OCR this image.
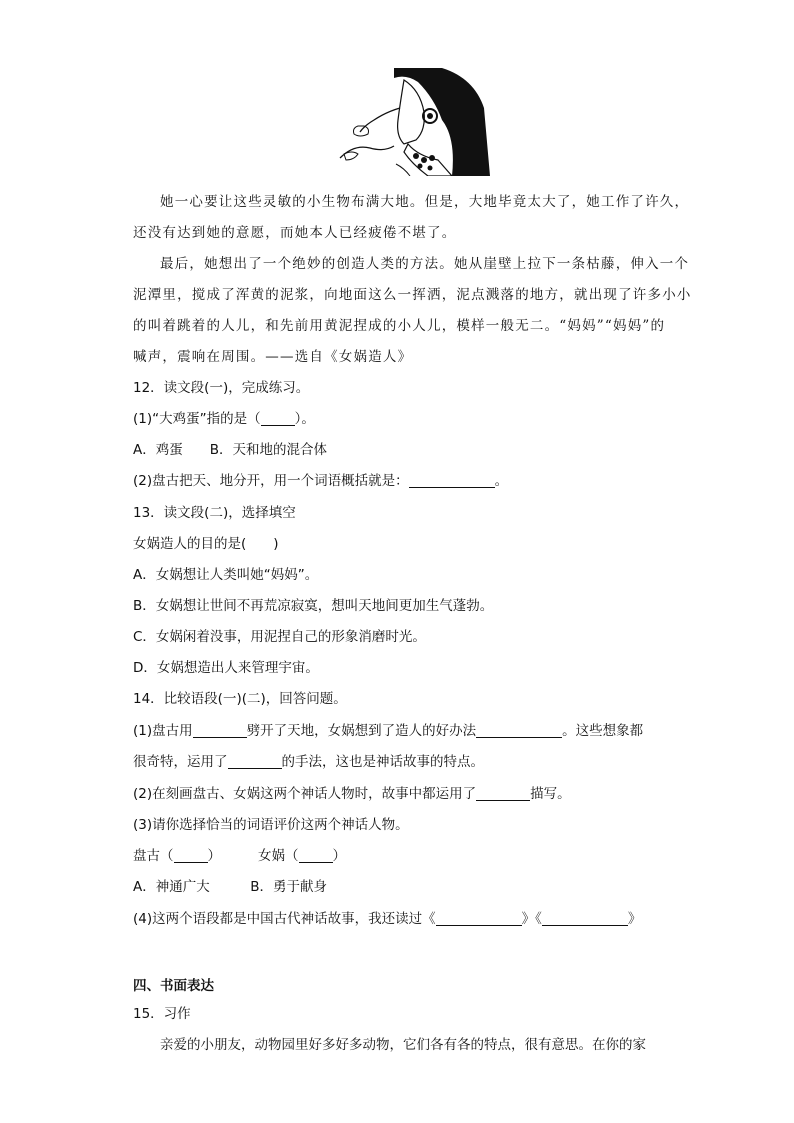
她一心要让这些灵敏的小生物布满大地。但是，大地毕竟太大了，她工作了许久，
还没有达到她的意愿，而她本人已经疲倦不堪了。
最后，她想出了一个绝妙的创造人类的方法。她从崖壁上拉下一条枯藤，伸入一个
泥潭里，搅成了浑黄的泥浆，向地面这么一挥洒，泥点溅落的地方，就出现了许多小小
的叫着跳着的人儿，和先前用黄泥捏成的小人儿，模样一般无二。“妈妈”“妈妈”的
喊声，震响在周围。——选自《女娲造人》
12．读文段(一)，完成练习。
(1)“大鸡蛋”指的是（	）。
A．鸡蛋　　B．天和地的混合体
(2)盘古把天、地分开，用一个词语概括就是：	。
13．读文段(二)，选择填空
女娲造人的目的是(　　)
A．女娲想让人类叫她“妈妈”。
B．女娲想让世间不再荒凉寂寞，想叫天地间更加生气蓬勃。
C．女娲闲着没事，用泥捏自己的形象消磨时光。
D．女娲想造出人来管理宇宙。
14．比较语段(一)(二)，回答问题。
(1)盘古用	劈开了天地，女娲想到了造人的好办法	。这些想象都
很奇特，运用了	的手法，这也是神话故事的特点。
(2)在刻画盘古、女娲这两个神话人物时，故事中都运用了	描写。
(3)请你选择恰当的词语评价这两个神话人物。
盘古（	）	女娲（	）
A．神通广大　　　B．勇于献身
(4)这两个语段都是中国古代神话故事，我还读过《	》《	》
四、书面表达
15．习作
亲爱的小朋友，动物园里好多好多动物，它们各有各的特点，很有意思。在你的家
